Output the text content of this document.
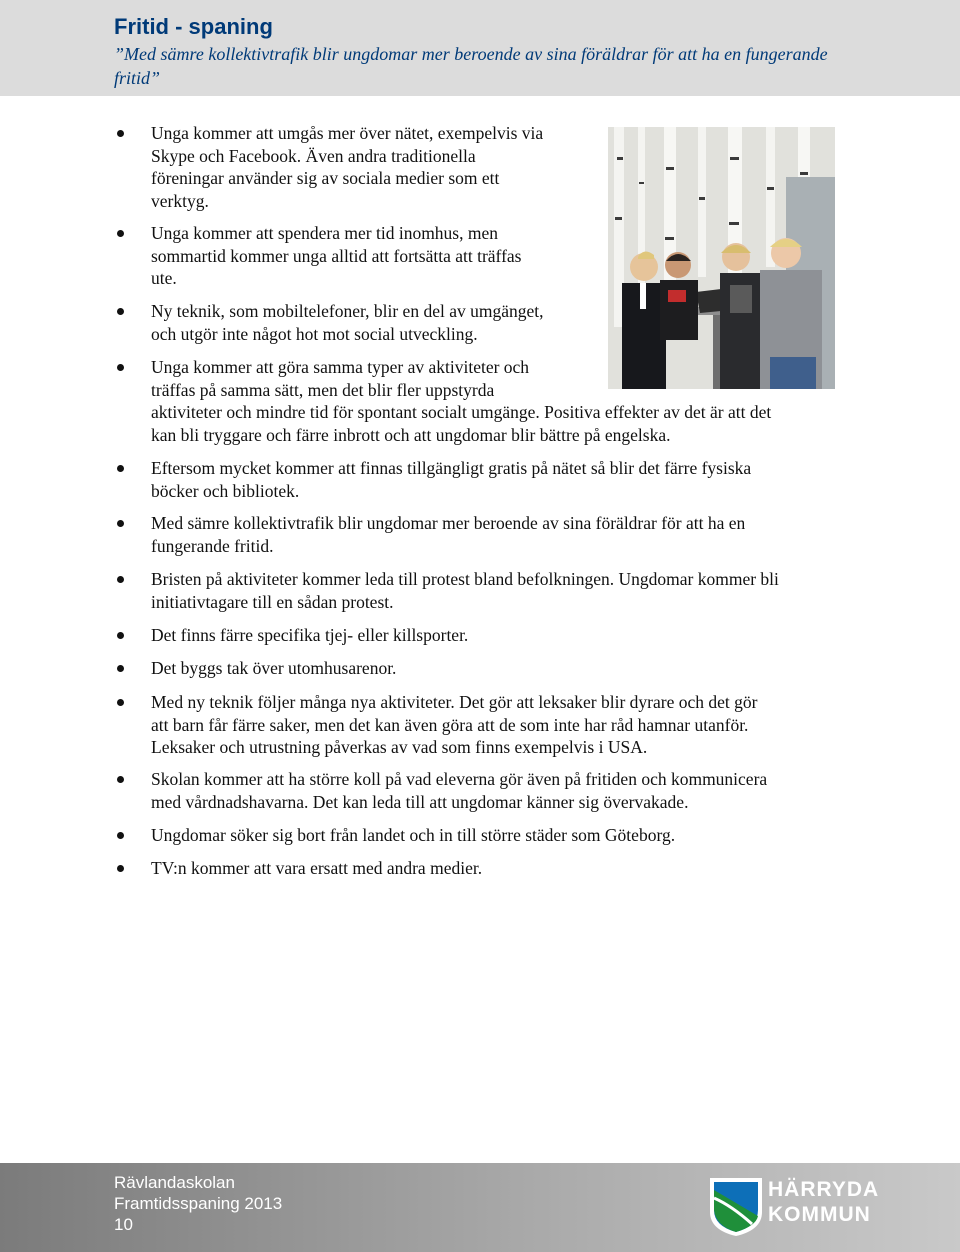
Fritid - spaning

”Med sämre kollektivtrafik blir ungdomar mer beroende av sina föräldrar för att ha en fungerande fritid”

Unga kommer att umgås mer över nätet, exempelvis via
Skype och Facebook. Även andra traditionella
föreningar använder sig av sociala medier som ett
verktyg.
Unga kommer att spendera mer tid inomhus, men
sommartid kommer unga alltid att fortsätta att träffas
ute.
Ny teknik, som mobiltelefoner, blir en del av umgänget,
och utgör inte något hot mot social utveckling.
Unga kommer att göra samma typer av aktiviteter och
träffas på samma sätt, men det blir fler uppstyrda
aktiviteter och mindre tid för spontant socialt umgänge. Positiva effekter av det är att det
kan bli tryggare och färre inbrott och att ungdomar blir bättre på engelska.
Eftersom mycket kommer att finnas tillgängligt gratis på nätet så blir det färre fysiska
böcker och bibliotek.
Med sämre kollektivtrafik blir ungdomar mer beroende av sina föräldrar för att ha en
fungerande fritid.
Bristen på aktiviteter kommer leda till protest bland befolkningen. Ungdomar kommer bli
initiativtagare till en sådan protest.
Det finns färre specifika tjej- eller killsporter.
Det byggs tak över utomhusarenor.
Med ny teknik följer många nya aktiviteter. Det gör att leksaker blir dyrare och det gör
att barn får färre saker, men det kan även göra att de som inte har råd hamnar utanför.
Leksaker och utrustning påverkas av vad som finns exempelvis i USA.
Skolan kommer att ha större koll på vad eleverna gör även på fritiden och kommunicera
med vårdnadshavarna. Det kan leda till att ungdomar känner sig övervakade.
Ungdomar söker sig bort från landet och in till större städer som Göteborg.
TV:n kommer att vara ersatt med andra medier.
Rävlandaskolan
Framtidsspaning 2013
10
HÄRRYDA
KOMMUN
